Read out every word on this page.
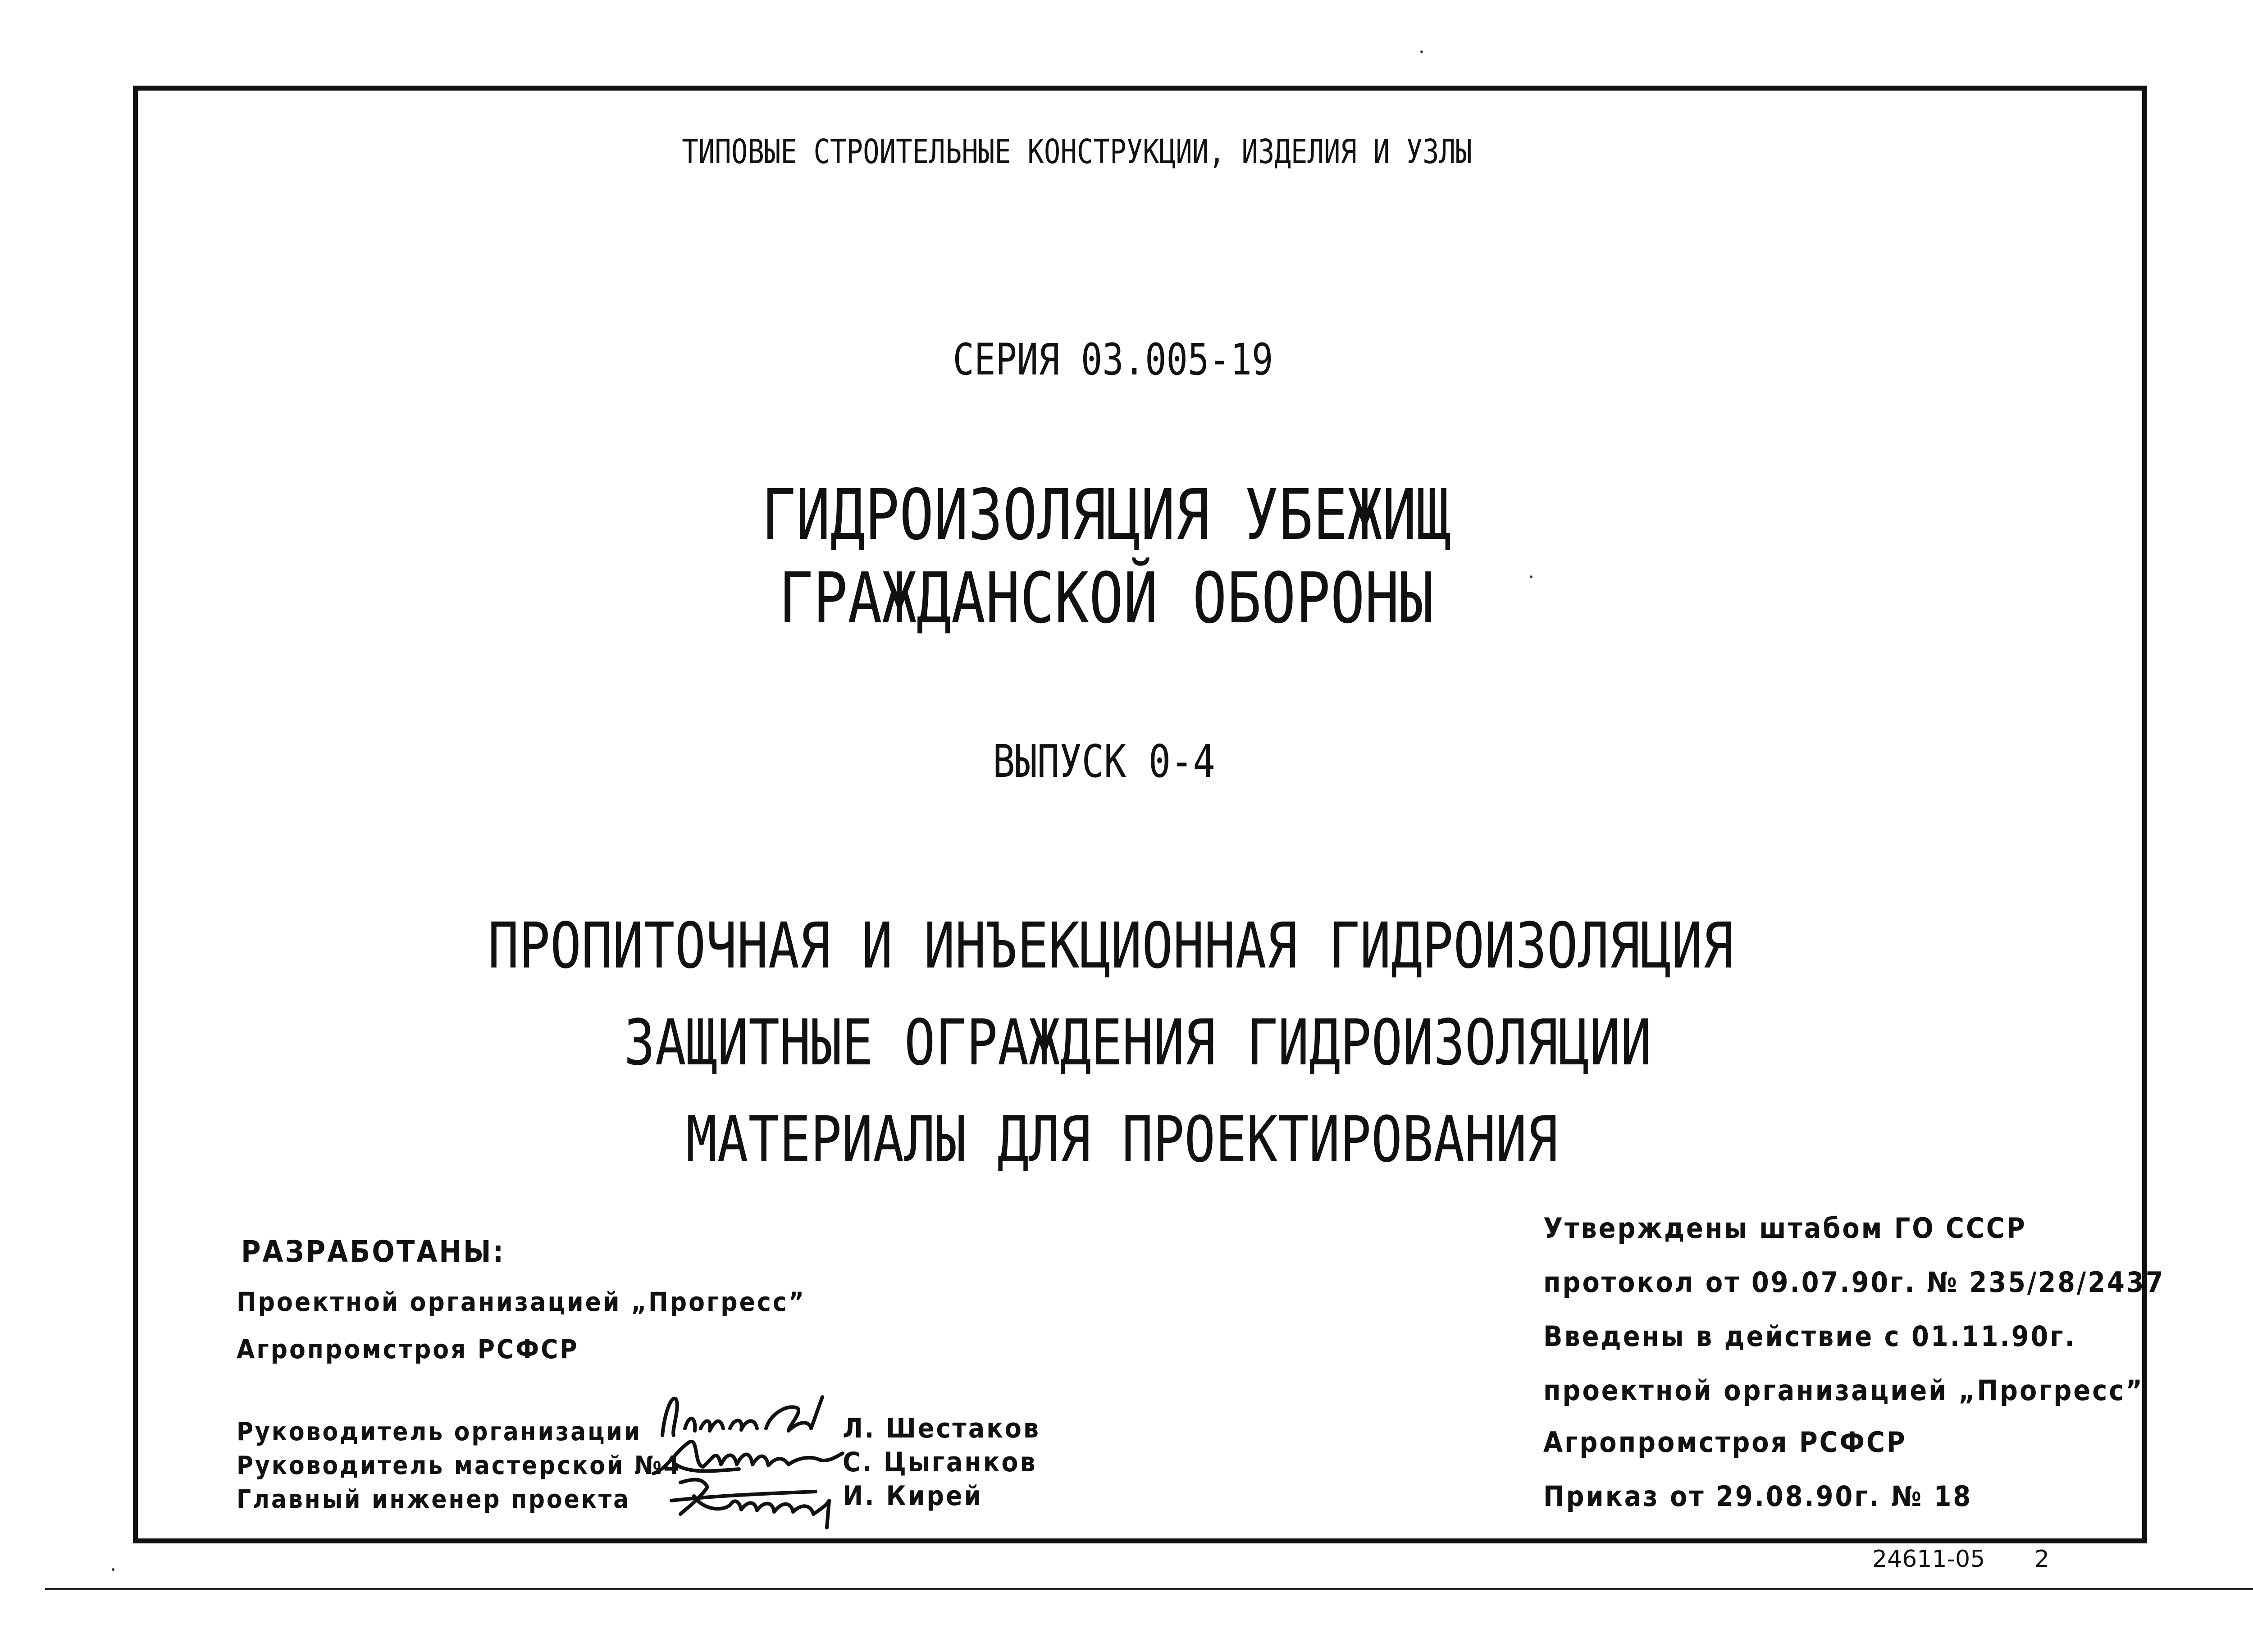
ТИПОВЫЕ СТРОИТЕЛЬНЫЕ КОНСТРУКЦИИ, ИЗДЕЛИЯ И УЗЛЫ
СЕРИЯ 03.005-19
ГИДРОИЗОЛЯЦИЯ УБЕЖИЩ
ГРАЖДАНСКОЙ ОБОРОНЫ
ВЫПУСК 0-4
ПРОПИТОЧНАЯ И ИНЪЕКЦИОННАЯ ГИДРОИЗОЛЯЦИЯ
ЗАЩИТНЫЕ ОГРАЖДЕНИЯ ГИДРОИЗОЛЯЦИИ
МАТЕРИАЛЫ ДЛЯ ПРОЕКТИРОВАНИЯ
РАЗРАБОТАНЫ:
Проектной организацией „Прогресс”
Агропромстроя РСФСР
Руководитель организации	Л. Шестаков
Руководитель мастерской №4	С. Цыганков
Главный инженер проекта	И. Кирей
Утверждены штабом ГО СССР
протокол от 09.07.90г. № 235/28/2437
Введены в действие с 01.11.90г.
проектной организацией „Прогресс”
Агропромстроя РСФСР
Приказ от 29.08.90г. № 18
24611-05 2
